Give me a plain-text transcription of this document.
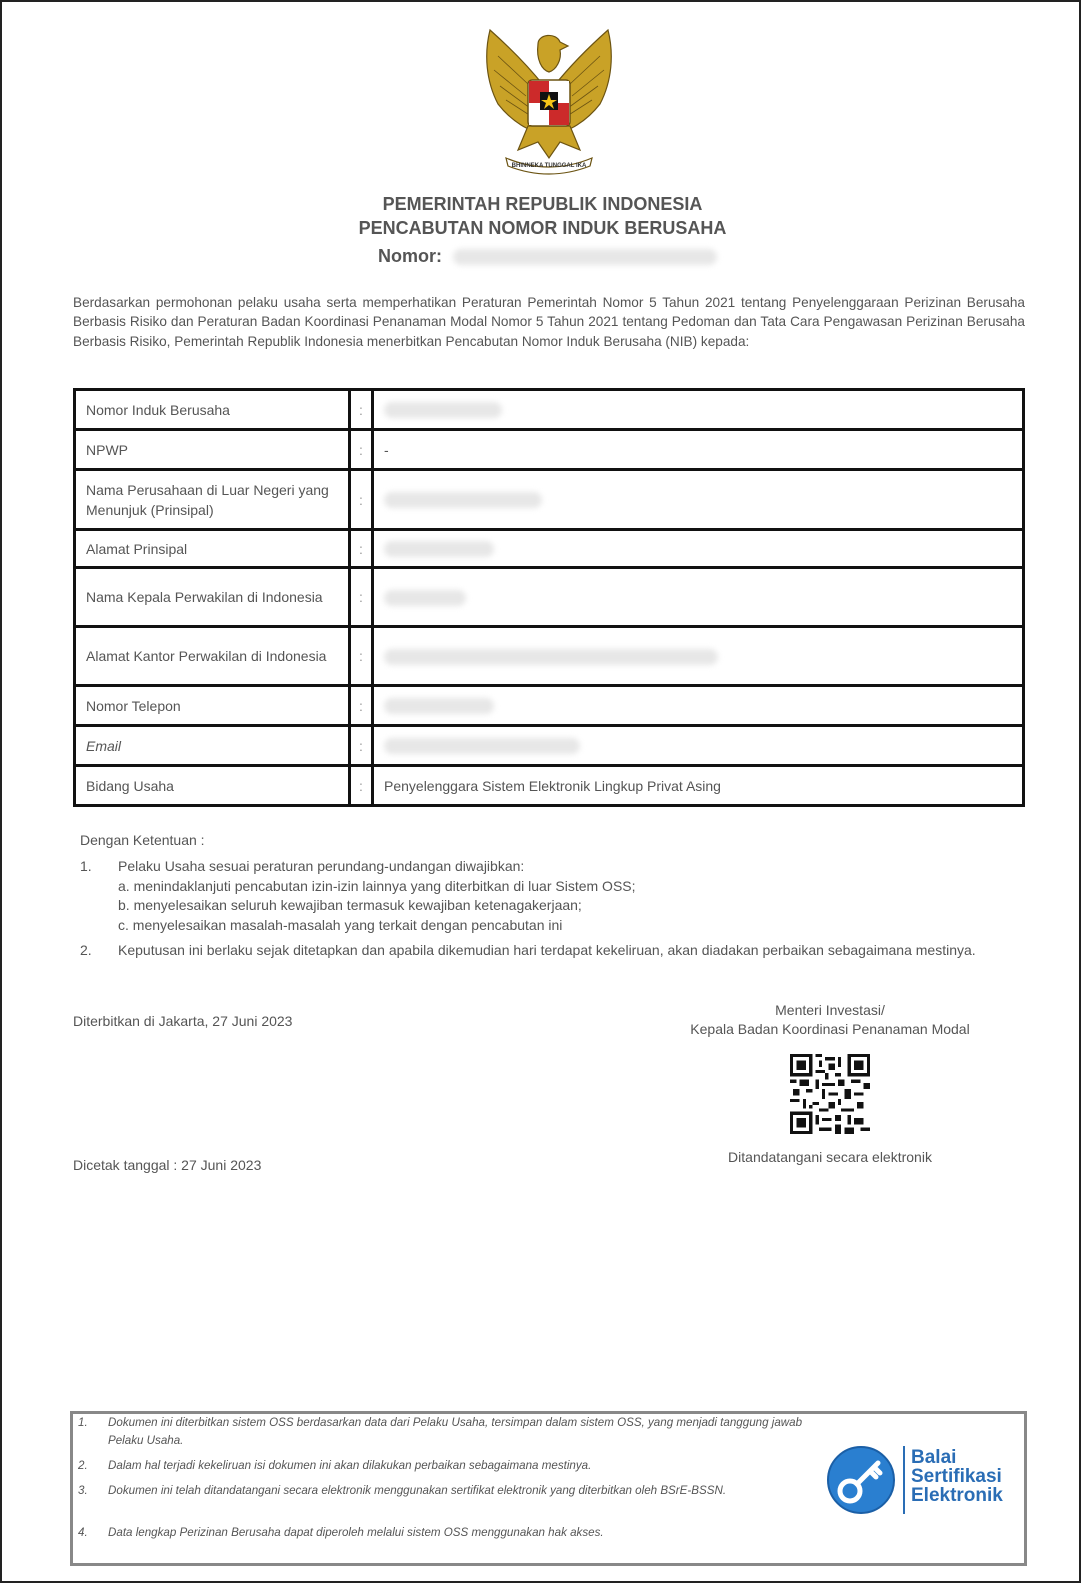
BHINNEKA TUNGGAL IKA
PEMERINTAH REPUBLIK INDONESIA
PENCABUTAN NOMOR INDUK BERUSAHA
Nomor:
Berdasarkan permohonan pelaku usaha serta memperhatikan Peraturan Pemerintah Nomor 5 Tahun 2021 tentang Penyelenggaraan Perizinan Berusaha Berbasis Risiko dan Peraturan Badan Koordinasi Penanaman Modal Nomor 5 Tahun 2021 tentang Pedoman dan Tata Cara Pengawasan Perizinan Berusaha Berbasis Risiko, Pemerintah Republik Indonesia menerbitkan Pencabutan Nomor Induk Berusaha (NIB) kepada:
Nomor Induk Berusaha	:	
NPWP	:	-
Nama Perusahaan di Luar Negeri yang Menunjuk (Prinsipal)	:	
Alamat Prinsipal	:	
Nama Kepala Perwakilan di Indonesia	:	
Alamat Kantor Perwakilan di Indonesia	:	
Nomor Telepon	:	
Email	:	
Bidang Usaha	:	Penyelenggara Sistem Elektronik Lingkup Privat Asing
Dengan Ketentuan :
1. Pelaku Usaha sesuai peraturan perundang-undangan diwajibkan:
a. menindaklanjuti pencabutan izin-izin lainnya yang diterbitkan di luar Sistem OSS;
b. menyelesaikan seluruh kewajiban termasuk kewajiban ketenagakerjaan;
c. menyelesaikan masalah-masalah yang terkait dengan pencabutan ini
2. Keputusan ini berlaku sejak ditetapkan dan apabila dikemudian hari terdapat kekeliruan, akan diadakan perbaikan sebagaimana mestinya.
Diterbitkan di Jakarta, 27 Juni 2023
Menteri Investasi/
Kepala Badan Koordinasi Penanaman Modal
Dicetak tanggal : 27 Juni 2023	Ditandatangani secara elektronik
1. Dokumen ini diterbitkan sistem OSS berdasarkan data dari Pelaku Usaha, tersimpan dalam sistem OSS, yang menjadi tanggung jawab Pelaku Usaha.
2. Dalam hal terjadi kekeliruan isi dokumen ini akan dilakukan perbaikan sebagaimana mestinya.
3. Dokumen ini telah ditandatangani secara elektronik menggunakan sertifikat elektronik yang diterbitkan oleh BSrE-BSSN.
4. Data lengkap Perizinan Berusaha dapat diperoleh melalui sistem OSS menggunakan hak akses.
Balai
Sertifikasi
Elektronik
